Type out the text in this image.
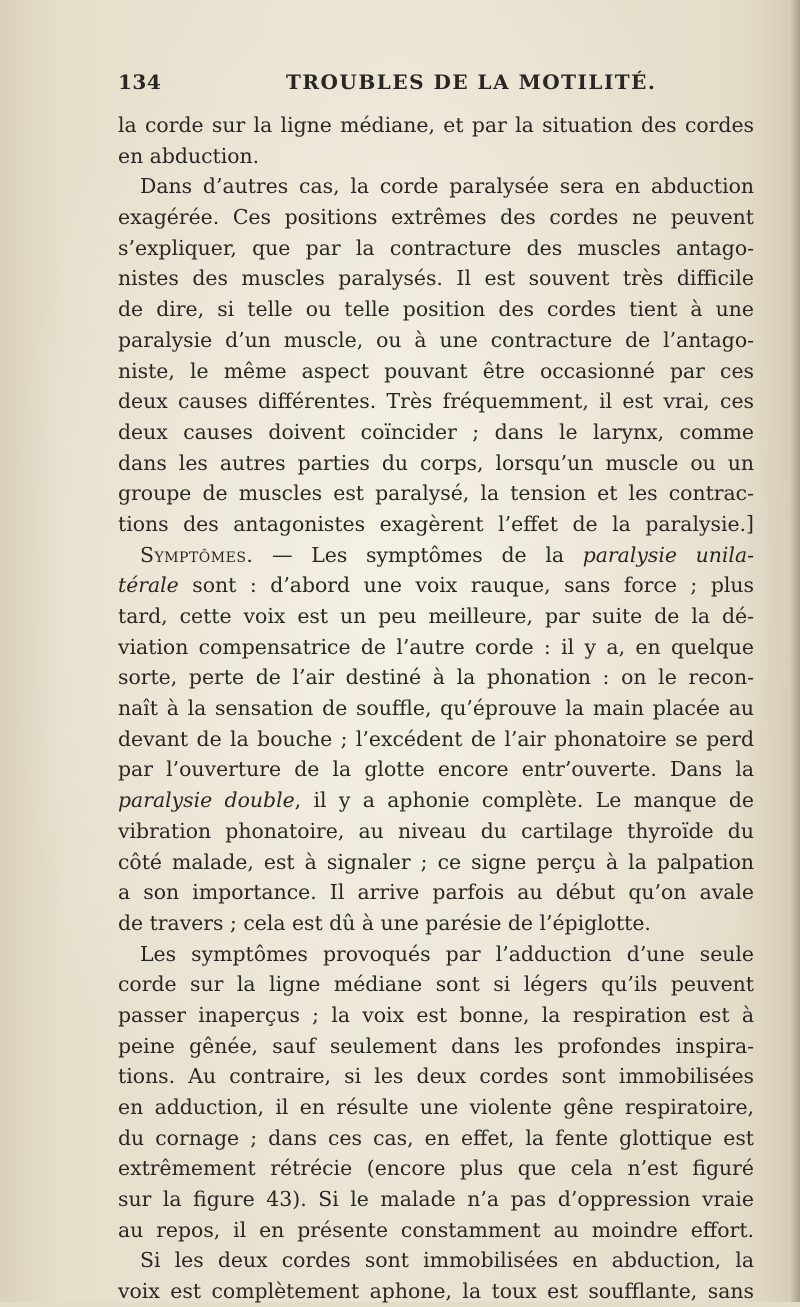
134	TROUBLES DE LA MOTILITÉ.
la corde sur la ligne médiane, et par la situation des cordes
en abduction.
Dans d’autres cas, la corde paralysée sera en abduction
exagérée. Ces positions extrêmes des cordes ne peuvent
s’expliquer, que par la contracture des muscles antago-
nistes des muscles paralysés. Il est souvent très difficile
de dire, si telle ou telle position des cordes tient à une
paralysie d’un muscle, ou à une contracture de l’antago-
niste, le même aspect pouvant être occasionné par ces
deux causes différentes. Très fréquemment, il est vrai, ces
deux causes doivent coïncider ; dans le larynx, comme
dans les autres parties du corps, lorsqu’un muscle ou un
groupe de muscles est paralysé, la tension et les contrac-
tions des antagonistes exagèrent l’effet de la paralysie.]
Symptômes. — Les symptômes de la paralysie unila-
térale sont : d’abord une voix rauque, sans force ; plus
tard, cette voix est un peu meilleure, par suite de la dé-
viation compensatrice de l’autre corde : il y a, en quelque
sorte, perte de l’air destiné à la phonation : on le recon-
naît à la sensation de souffle, qu’éprouve la main placée au
devant de la bouche ; l’excédent de l’air phonatoire se perd
par l’ouverture de la glotte encore entr’ouverte. Dans la
paralysie double, il y a aphonie complète. Le manque de
vibration phonatoire, au niveau du cartilage thyroïde du
côté malade, est à signaler ; ce signe perçu à la palpation
a son importance. Il arrive parfois au début qu’on avale
de travers ; cela est dû à une parésie de l’épiglotte.
Les symptômes provoqués par l’adduction d’une seule
corde sur la ligne médiane sont si légers qu’ils peuvent
passer inaperçus ; la voix est bonne, la respiration est à
peine gênée, sauf seulement dans les profondes inspira-
tions. Au contraire, si les deux cordes sont immobilisées
en adduction, il en résulte une violente gêne respiratoire,
du cornage ; dans ces cas, en effet, la fente glottique est
extrêmement rétrécie (encore plus que cela n’est figuré
sur la figure 43). Si le malade n’a pas d’oppression vraie
au repos, il en présente constamment au moindre effort.
Si les deux cordes sont immobilisées en abduction, la
voix est complètement aphone, la toux est soufflante, sans
